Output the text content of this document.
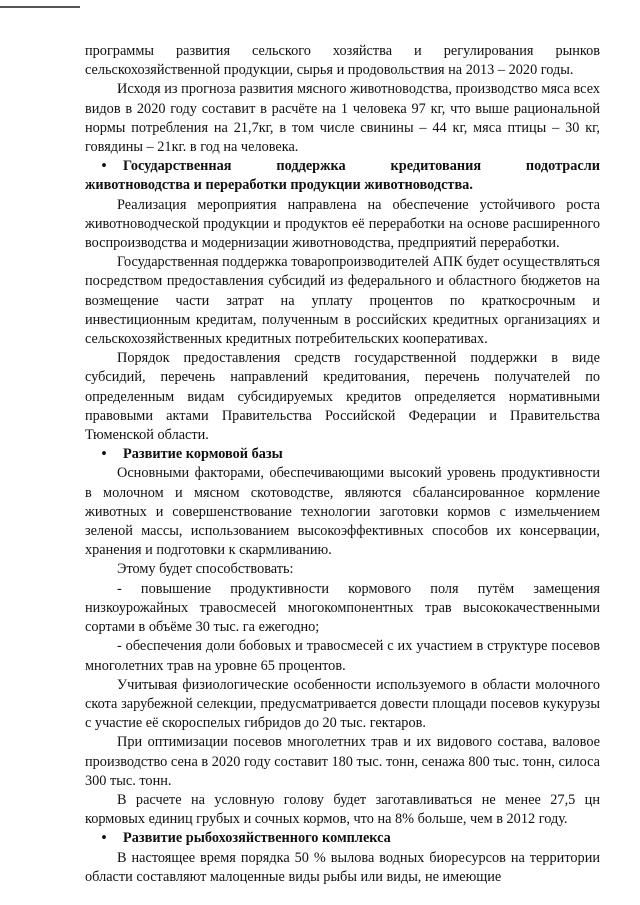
программы развития сельского хозяйства и регулирования рынков сельскохозяйственной продукции, сырья и продовольствия на 2013 – 2020 годы.

Исходя из прогноза развития мясного животноводства, производство мяса всех видов в 2020 году составит в расчёте на 1 человека 97 кг, что выше рациональной нормы потребления на 21,7кг, в том числе свинины – 44 кг, мяса птицы – 30 кг, говядины – 21кг. в год на человека.

•	Государственная поддержка кредитования подотрасли
животноводства и переработки продукции животноводства.

Реализация мероприятия направлена на обеспечение устойчивого роста животноводческой продукции и продуктов её переработки на основе расширенного воспроизводства и модернизации животноводства, предприятий переработки.

Государственная поддержка товаропроизводителей АПК будет осуществляться посредством предоставления субсидий из федерального и областного бюджетов на возмещение части затрат на уплату процентов по краткосрочным и инвестиционным кредитам, полученным в российских кредитных организациях и сельскохозяйственных кредитных потребительских кооперативах.

Порядок предоставления средств государственной поддержки в виде субсидий, перечень направлений кредитования, перечень получателей по определенным видам субсидируемых кредитов определяется нормативными правовыми актами Правительства Российской Федерации и Правительства Тюменской области.

•	Развитие кормовой базы

Основными факторами, обеспечивающими высокий уровень продуктивности в молочном и мясном скотоводстве, являются сбалансированное кормление животных и совершенствование технологии заготовки кормов с измельчением зеленой массы, использованием высокоэффективных способов их консервации, хранения и подготовки к скармливанию.

Этому будет способствовать:

- повышение продуктивности кормового поля путём замещения низкоурожайных травосмесей многокомпонентных трав высококачественными сортами в объёме 30 тыс. га ежегодно;

- обеспечения доли бобовых и травосмесей с их участием в структуре посевов многолетних трав на уровне 65 процентов.

Учитывая физиологические особенности используемого в области молочного скота зарубежной селекции, предусматривается довести площади посевов кукурузы с участие её скороспелых гибридов до 20 тыс. гектаров.

При оптимизации посевов многолетних трав и их видового состава, валовое производство сена в 2020 году составит 180 тыс. тонн, сенажа 800 тыс. тонн, силоса 300 тыс. тонн.

В расчете на условную голову будет заготавливаться не менее 27,5 цн кормовых единиц грубых и сочных кормов, что на 8% больше, чем в 2012 году.

•	Развитие рыбохозяйственного комплекса

В настоящее время порядка 50 % вылова водных биоресурсов на территории области составляют малоценные виды рыбы или виды, не имеющие
